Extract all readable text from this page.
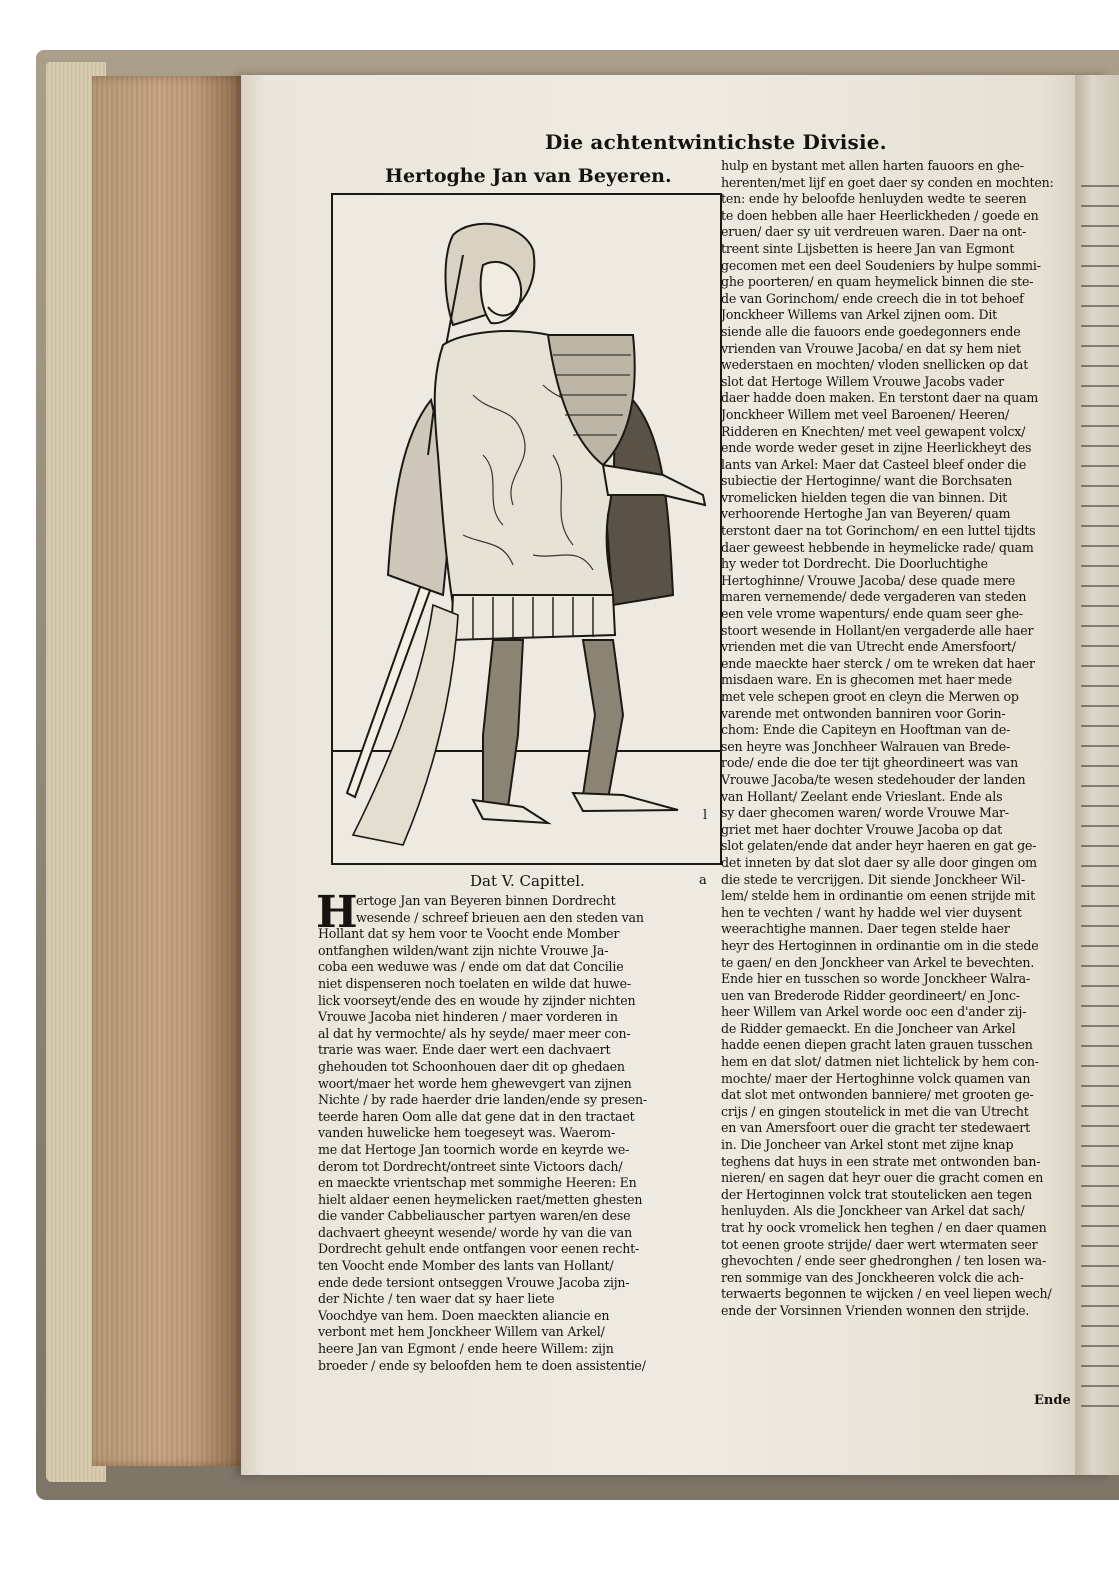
Die achtentwintichste Divisie.
Hertoghe Jan van Beyeren.
Dat V. Capittel.
l
a
H
ertoge Jan van Beyeren binnen Dordrecht
wesende / schreef brieuen aen den steden van
Hollant dat sy hem voor te Voocht ende Momber
ontfanghen wilden/want zijn nichte Vrouwe Ja-
coba een weduwe was / ende om dat dat Concilie
niet dispenseren noch toelaten en wilde dat huwe-
lick voorseyt/ende des en woude hy zijnder nichten
Vrouwe Jacoba niet hinderen / maer vorderen in
al dat hy vermochte/ als hy seyde/ maer meer con-
trarie was waer. Ende daer wert een dachvaert
ghehouden tot Schoonhouen daer dit op ghedaen
woort/maer het worde hem ghewevgert van zijnen
Nichte / by rade haerder drie landen/ende sy presen-
teerde haren Oom alle dat gene dat in den tractaet
vanden huwelicke hem toegeseyt was. Waerom-
me dat Hertoge Jan toornich worde en keyrde we-
derom tot Dordrecht/ontreet sinte Victoors dach/
en maeckte vrientschap met sommighe Heeren: En
hielt aldaer eenen heymelicken raet/metten ghesten
die vander Cabbeliauscher partyen waren/en dese
dachvaert gheeynt wesende/ worde hy van die van
Dordrecht gehult ende ontfangen voor eenen recht-
ten Voocht ende Momber des lants van Hollant/
ende dede tersiont ontseggen Vrouwe Jacoba zijn-
der Nichte / ten waer dat sy haer liete
Voochdye van hem. Doen maeckten aliancie en
verbont met hem Jonckheer Willem van Arkel/
heere Jan van Egmont / ende heere Willem: zijn
broeder / ende sy beloofden hem te doen assistentie/
hulp en bystant met allen harten fauoors en ghe-
herenten/met lijf en goet daer sy conden en mochten:
ten: ende hy beloofde henluyden wedte te seeren
te doen hebben alle haer Heerlickheden / goede en
eruen/ daer sy uit verdreuen waren. Daer na ont-
treent sinte Lijsbetten is heere Jan van Egmont
gecomen met een deel Soudeniers by hulpe sommi-
ghe poorteren/ en quam heymelick binnen die ste-
de van Gorinchom/ ende creech die in tot behoef
Jonckheer Willems van Arkel zijnen oom. Dit
siende alle die fauoors ende goedegonners ende
vrienden van Vrouwe Jacoba/ en dat sy hem niet
wederstaen en mochten/ vloden snellicken op dat
slot dat Hertoge Willem Vrouwe Jacobs vader
daer hadde doen maken. En terstont daer na quam
Jonckheer Willem met veel Baroenen/ Heeren/
Ridderen en Knechten/ met veel gewapent volcx/
ende worde weder geset in zijne Heerlickheyt des
lants van Arkel: Maer dat Casteel bleef onder die
subiectie der Hertoginne/ want die Borchsaten
vromelicken hielden tegen die van binnen. Dit
verhoorende Hertoghe Jan van Beyeren/ quam
terstont daer na tot Gorinchom/ en een luttel tijdts
daer geweest hebbende in heymelicke rade/ quam
hy weder tot Dordrecht. Die Doorluchtighe
Hertoghinne/ Vrouwe Jacoba/ dese quade mere
maren vernemende/ dede vergaderen van steden
een vele vrome wapenturs/ ende quam seer ghe-
stoort wesende in Hollant/en vergaderde alle haer
vrienden met die van Utrecht ende Amersfoort/
ende maeckte haer sterck / om te wreken dat haer
misdaen ware. En is ghecomen met haer mede
met vele schepen groot en cleyn die Merwen op
varende met ontwonden banniren voor Gorin-
chom: Ende die Capiteyn en Hooftman van de-
sen heyre was Jonchheer Walrauen van Brede-
rode/ ende die doe ter tijt gheordineert was van
Vrouwe Jacoba/te wesen stedehouder der landen
van Hollant/ Zeelant ende Vrieslant. Ende als
sy daer ghecomen waren/ worde Vrouwe Mar-
griet met haer dochter Vrouwe Jacoba op dat
slot gelaten/ende dat ander heyr haeren en gat ge-
det inneten by dat slot daer sy alle door gingen om
die stede te vercrijgen. Dit siende Jonckheer Wil-
lem/ stelde hem in ordinantie om eenen strijde mit
hen te vechten / want hy hadde wel vier duysent
weerachtighe mannen. Daer tegen stelde haer
heyr des Hertoginnen in ordinantie om in die stede
te gaen/ en den Jonckheer van Arkel te bevechten.
Ende hier en tusschen so worde Jonckheer Walra-
uen van Brederode Ridder geordineert/ en Jonc-
heer Willem van Arkel worde ooc een d'ander zij-
de Ridder gemaeckt. En die Joncheer van Arkel
hadde eenen diepen gracht laten grauen tusschen
hem en dat slot/ datmen niet lichtelick by hem con-
mochte/ maer der Hertoghinne volck quamen van
dat slot met ontwonden banniere/ met grooten ge-
crijs / en gingen stoutelick in met die van Utrecht
en van Amersfoort ouer die gracht ter stedewaert
in. Die Joncheer van Arkel stont met zijne knap
teghens dat huys in een strate met ontwonden ban-
nieren/ en sagen dat heyr ouer die gracht comen en
der Hertoginnen volck trat stoutelicken aen tegen
henluyden. Als die Jonckheer van Arkel dat sach/
trat hy oock vromelick hen teghen / en daer quamen
tot eenen groote strijde/ daer wert wtermaten seer
ghevochten / ende seer ghedronghen / ten losen wa-
ren sommige van des Jonckheeren volck die ach-
terwaerts begonnen te wijcken / en veel liepen wech/
ende der Vorsinnen Vrienden wonnen den strijde.
Ende
